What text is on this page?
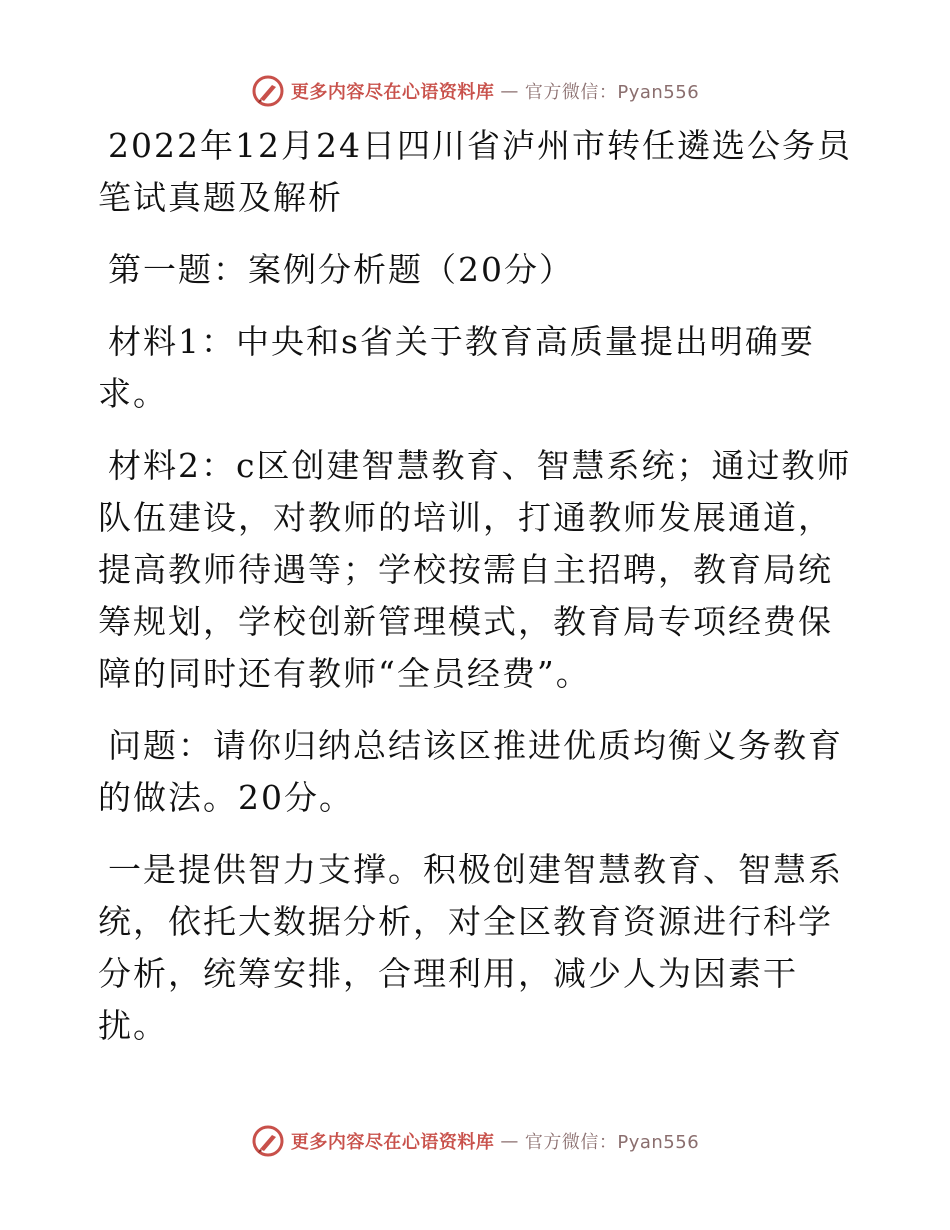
更多内容尽在心语资料库 — 官方微信：Pyan556

2022年12月24日四川省泸州市转任遴选公务员笔试真题及解析

第一题：案例分析题（20分）

材料1：中央和s省关于教育高质量提出明确要求。

材料2：c区创建智慧教育、智慧系统；通过教师队伍建设，对教师的培训，打通教师发展通道，提高教师待遇等；学校按需自主招聘，教育局统筹规划，学校创新管理模式，教育局专项经费保障的同时还有教师“全员经费”。

问题：请你归纳总结该区推进优质均衡义务教育的做法。20分。

一是提供智力支撑。积极创建智慧教育、智慧系统，依托大数据分析，对全区教育资源进行科学分析，统筹安排，合理利用，减少人为因素干扰。

更多内容尽在心语资料库 — 官方微信：Pyan556
